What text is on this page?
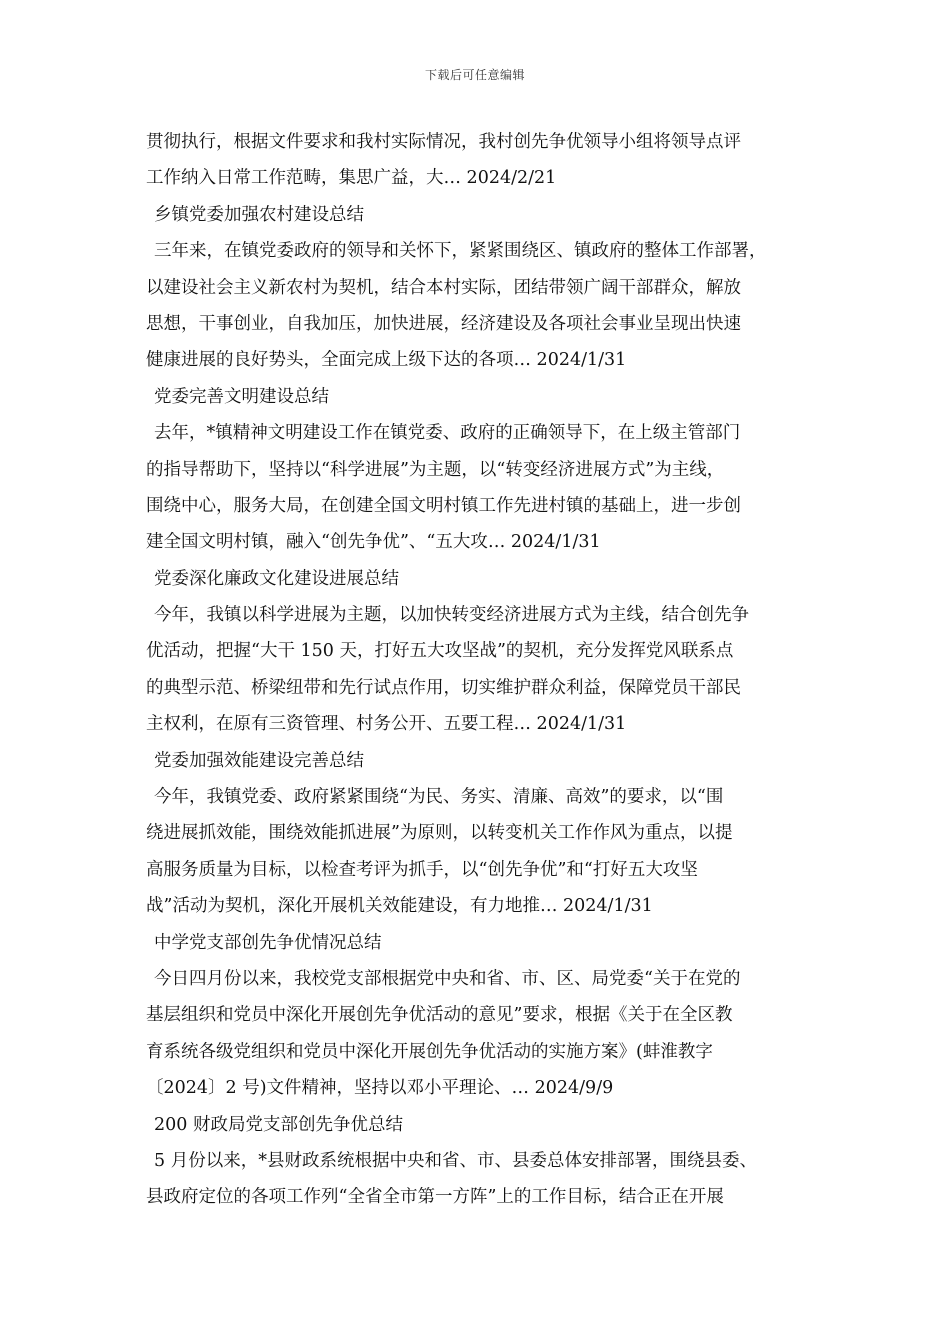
下载后可任意编辑
贯彻执行，根据文件要求和我村实际情况，我村创先争优领导小组将领导点评
工作纳入日常工作范畴，集思广益，大… 2024/2/21
乡镇党委加强农村建设总结
三年来，在镇党委政府的领导和关怀下，紧紧围绕区、镇政府的整体工作部署，
以建设社会主义新农村为契机，结合本村实际，团结带领广阔干部群众，解放
思想，干事创业，自我加压，加快进展，经济建设及各项社会事业呈现出快速
健康进展的良好势头，全面完成上级下达的各项… 2024/1/31
党委完善文明建设总结
去年，*镇精神文明建设工作在镇党委、政府的正确领导下，在上级主管部门
的指导帮助下，坚持以“科学进展”为主题，以“转变经济进展方式”为主线，
围绕中心，服务大局，在创建全国文明村镇工作先进村镇的基础上，进一步创
建全国文明村镇，融入“创先争优”、“五大攻… 2024/1/31
党委深化廉政文化建设进展总结
今年，我镇以科学进展为主题，以加快转变经济进展方式为主线，结合创先争
优活动，把握“大干 150 天，打好五大攻坚战”的契机，充分发挥党风联系点
的典型示范、桥梁纽带和先行试点作用，切实维护群众利益，保障党员干部民
主权利，在原有三资管理、村务公开、五要工程… 2024/1/31
党委加强效能建设完善总结
今年，我镇党委、政府紧紧围绕“为民、务实、清廉、高效”的要求，以“围
绕进展抓效能，围绕效能抓进展”为原则，以转变机关工作作风为重点，以提
高服务质量为目标，以检查考评为抓手，以“创先争优”和“打好五大攻坚
战”活动为契机，深化开展机关效能建设，有力地推… 2024/1/31
中学党支部创先争优情况总结
今日四月份以来，我校党支部根据党中央和省、市、区、局党委“关于在党的
基层组织和党员中深化开展创先争优活动的意见”要求，根据《关于在全区教
育系统各级党组织和党员中深化开展创先争优活动的实施方案》(蚌淮教字
〔2024〕2 号)文件精神，坚持以邓小平理论、… 2024/9/9
200 财政局党支部创先争优总结
5 月份以来，*县财政系统根据中央和省、市、县委总体安排部署，围绕县委、
县政府定位的各项工作列“全省全市第一方阵”上的工作目标，结合正在开展
